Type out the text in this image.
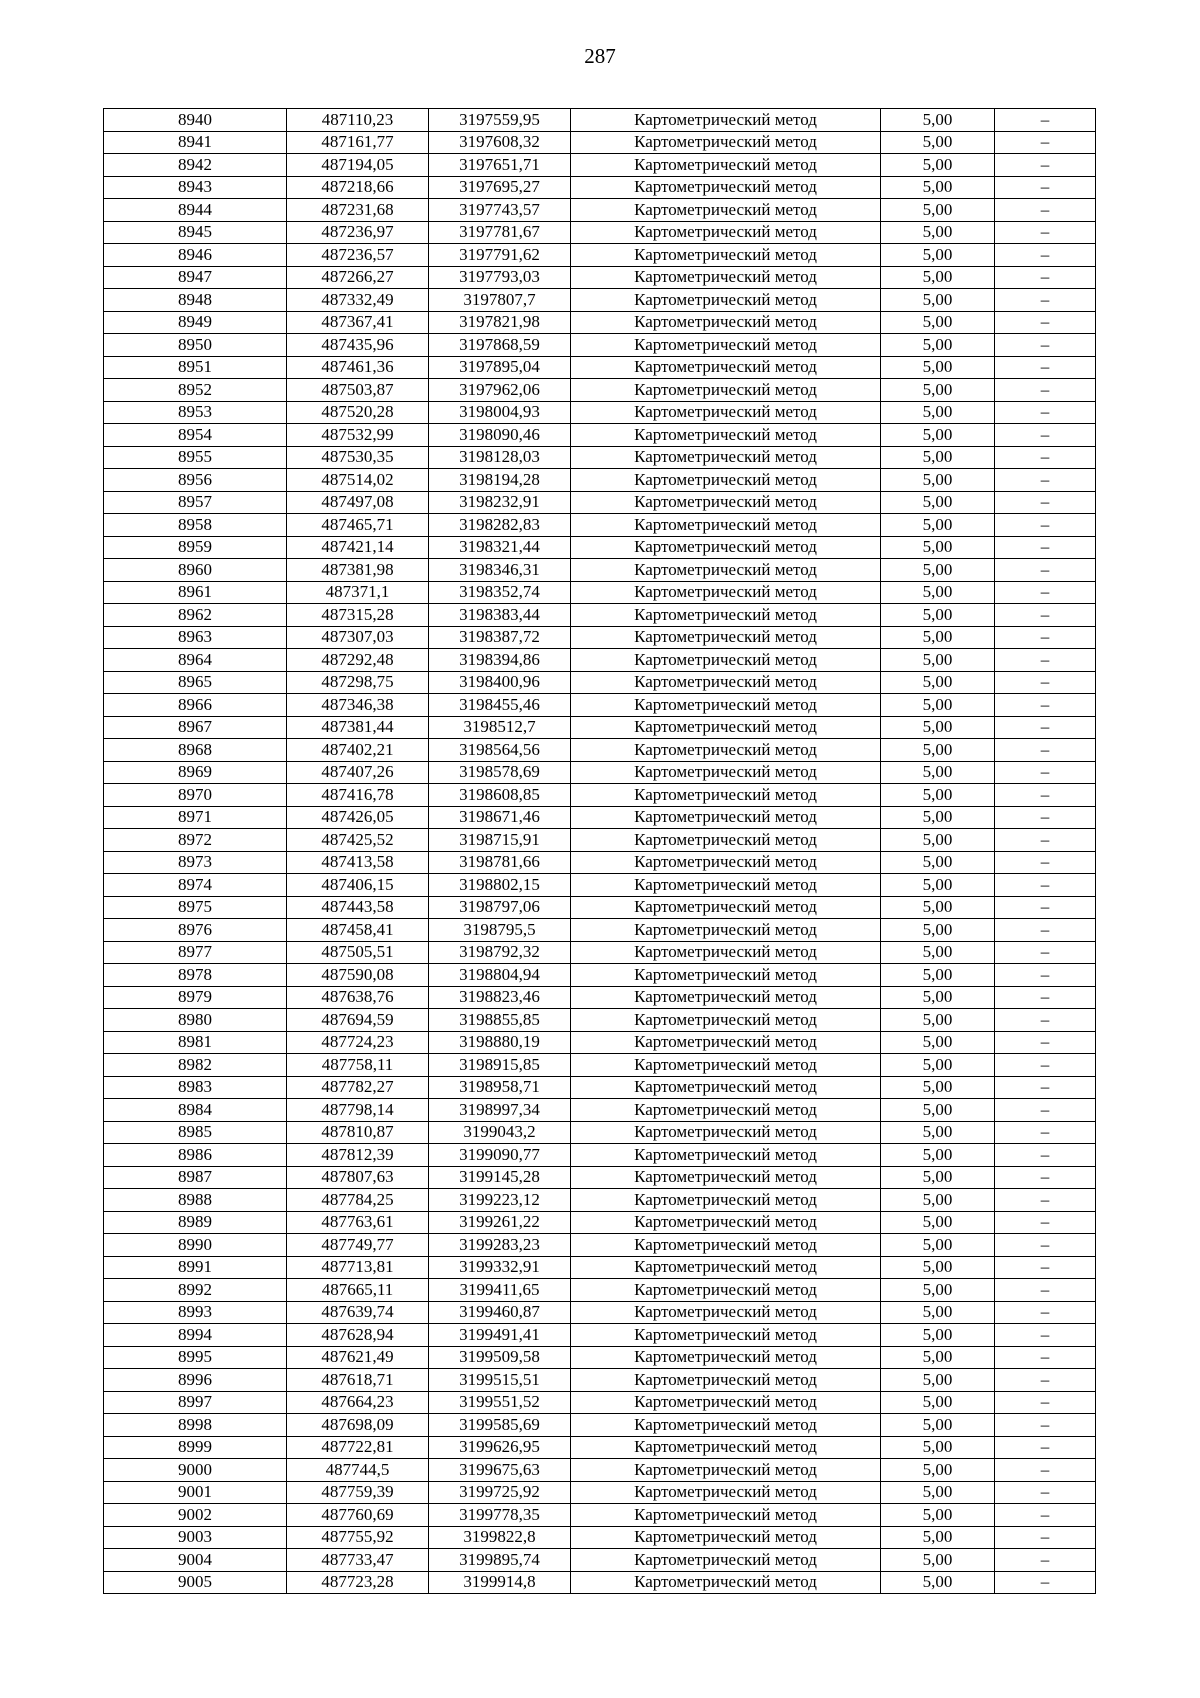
287
8940	487110,23	3197559,95	Картометрический метод	5,00	–
8941	487161,77	3197608,32	Картометрический метод	5,00	–
8942	487194,05	3197651,71	Картометрический метод	5,00	–
8943	487218,66	3197695,27	Картометрический метод	5,00	–
8944	487231,68	3197743,57	Картометрический метод	5,00	–
8945	487236,97	3197781,67	Картометрический метод	5,00	–
8946	487236,57	3197791,62	Картометрический метод	5,00	–
8947	487266,27	3197793,03	Картометрический метод	5,00	–
8948	487332,49	3197807,7	Картометрический метод	5,00	–
8949	487367,41	3197821,98	Картометрический метод	5,00	–
8950	487435,96	3197868,59	Картометрический метод	5,00	–
8951	487461,36	3197895,04	Картометрический метод	5,00	–
8952	487503,87	3197962,06	Картометрический метод	5,00	–
8953	487520,28	3198004,93	Картометрический метод	5,00	–
8954	487532,99	3198090,46	Картометрический метод	5,00	–
8955	487530,35	3198128,03	Картометрический метод	5,00	–
8956	487514,02	3198194,28	Картометрический метод	5,00	–
8957	487497,08	3198232,91	Картометрический метод	5,00	–
8958	487465,71	3198282,83	Картометрический метод	5,00	–
8959	487421,14	3198321,44	Картометрический метод	5,00	–
8960	487381,98	3198346,31	Картометрический метод	5,00	–
8961	487371,1	3198352,74	Картометрический метод	5,00	–
8962	487315,28	3198383,44	Картометрический метод	5,00	–
8963	487307,03	3198387,72	Картометрический метод	5,00	–
8964	487292,48	3198394,86	Картометрический метод	5,00	–
8965	487298,75	3198400,96	Картометрический метод	5,00	–
8966	487346,38	3198455,46	Картометрический метод	5,00	–
8967	487381,44	3198512,7	Картометрический метод	5,00	–
8968	487402,21	3198564,56	Картометрический метод	5,00	–
8969	487407,26	3198578,69	Картометрический метод	5,00	–
8970	487416,78	3198608,85	Картометрический метод	5,00	–
8971	487426,05	3198671,46	Картометрический метод	5,00	–
8972	487425,52	3198715,91	Картометрический метод	5,00	–
8973	487413,58	3198781,66	Картометрический метод	5,00	–
8974	487406,15	3198802,15	Картометрический метод	5,00	–
8975	487443,58	3198797,06	Картометрический метод	5,00	–
8976	487458,41	3198795,5	Картометрический метод	5,00	–
8977	487505,51	3198792,32	Картометрический метод	5,00	–
8978	487590,08	3198804,94	Картометрический метод	5,00	–
8979	487638,76	3198823,46	Картометрический метод	5,00	–
8980	487694,59	3198855,85	Картометрический метод	5,00	–
8981	487724,23	3198880,19	Картометрический метод	5,00	–
8982	487758,11	3198915,85	Картометрический метод	5,00	–
8983	487782,27	3198958,71	Картометрический метод	5,00	–
8984	487798,14	3198997,34	Картометрический метод	5,00	–
8985	487810,87	3199043,2	Картометрический метод	5,00	–
8986	487812,39	3199090,77	Картометрический метод	5,00	–
8987	487807,63	3199145,28	Картометрический метод	5,00	–
8988	487784,25	3199223,12	Картометрический метод	5,00	–
8989	487763,61	3199261,22	Картометрический метод	5,00	–
8990	487749,77	3199283,23	Картометрический метод	5,00	–
8991	487713,81	3199332,91	Картометрический метод	5,00	–
8992	487665,11	3199411,65	Картометрический метод	5,00	–
8993	487639,74	3199460,87	Картометрический метод	5,00	–
8994	487628,94	3199491,41	Картометрический метод	5,00	–
8995	487621,49	3199509,58	Картометрический метод	5,00	–
8996	487618,71	3199515,51	Картометрический метод	5,00	–
8997	487664,23	3199551,52	Картометрический метод	5,00	–
8998	487698,09	3199585,69	Картометрический метод	5,00	–
8999	487722,81	3199626,95	Картометрический метод	5,00	–
9000	487744,5	3199675,63	Картометрический метод	5,00	–
9001	487759,39	3199725,92	Картометрический метод	5,00	–
9002	487760,69	3199778,35	Картометрический метод	5,00	–
9003	487755,92	3199822,8	Картометрический метод	5,00	–
9004	487733,47	3199895,74	Картометрический метод	5,00	–
9005	487723,28	3199914,8	Картометрический метод	5,00	–
